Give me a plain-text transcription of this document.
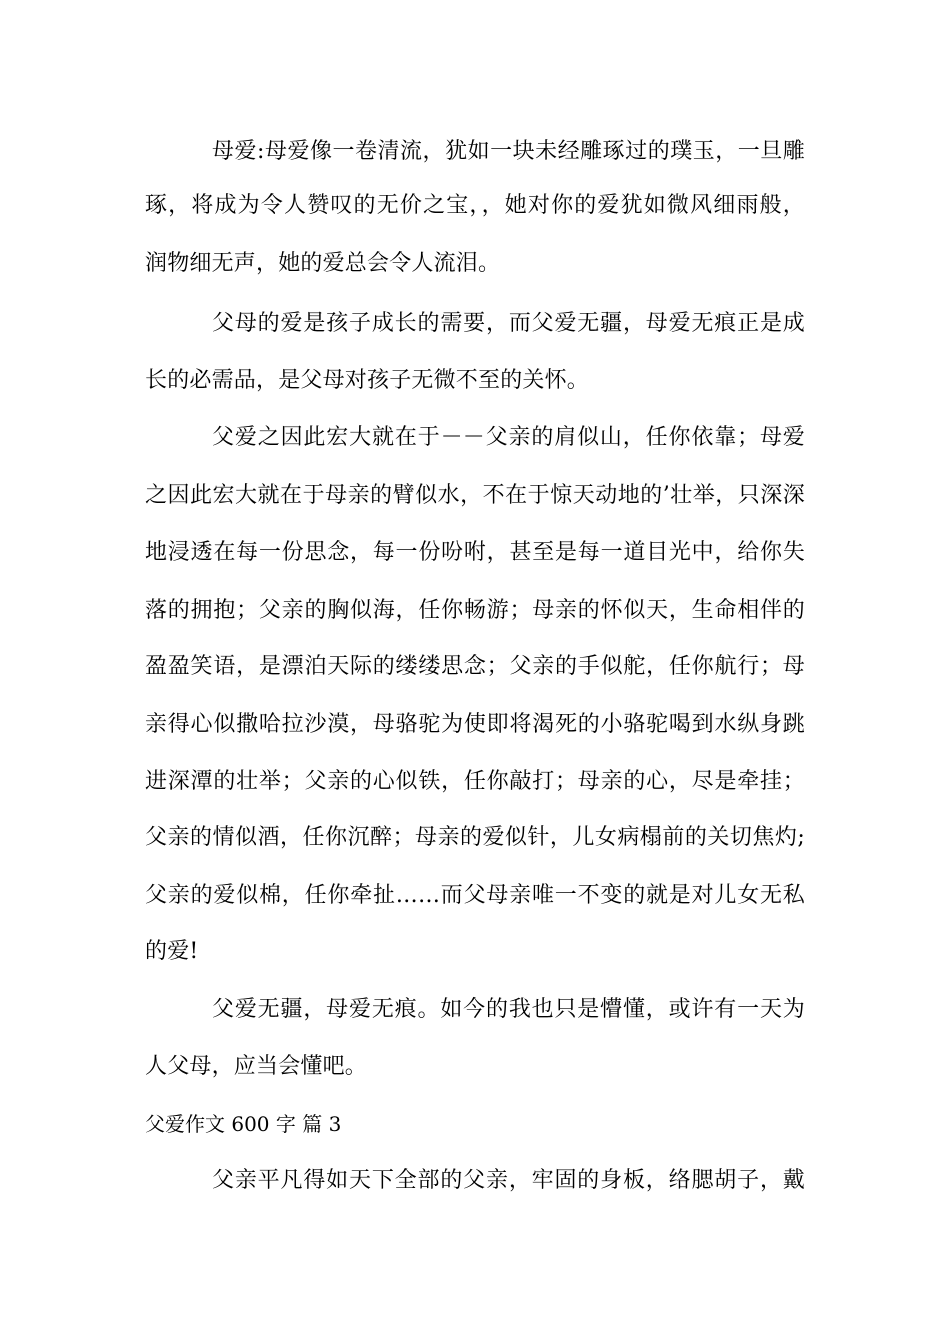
母爱:母爱像一卷清流，犹如一块未经雕琢过的璞玉，一旦雕
琢，将成为令人赞叹的无价之宝，，她对你的爱犹如微风细雨般，
润物细无声，她的爱总会令人流泪。
父母的爱是孩子成长的需要，而父爱无疆，母爱无痕正是成
长的必需品，是父母对孩子无微不至的关怀。
父爱之因此宏大就在于－－父亲的肩似山，任你依靠；母爱
之因此宏大就在于母亲的臂似水，不在于惊天动地的’壮举，只深深
地浸透在每一份思念，每一份吩咐，甚至是每一道目光中，给你失
落的拥抱；父亲的胸似海，任你畅游；母亲的怀似天，生命相伴的
盈盈笑语，是漂泊天际的缕缕思念；父亲的手似舵，任你航行；母
亲得心似撒哈拉沙漠，母骆驼为使即将渴死的小骆驼喝到水纵身跳
进深潭的壮举；父亲的心似铁，任你敲打；母亲的心，尽是牵挂；
父亲的情似酒，任你沉醉；母亲的爱似针，儿女病榻前的关切焦灼;
父亲的爱似棉，任你牵扯……而父母亲唯一不变的就是对儿女无私
的爱!
父爱无疆，母爱无痕。如今的我也只是懵懂，或许有一天为
人父母，应当会懂吧。
父爱作文 600 字 篇 3
父亲平凡得如天下全部的父亲，牢固的身板，络腮胡子，戴
